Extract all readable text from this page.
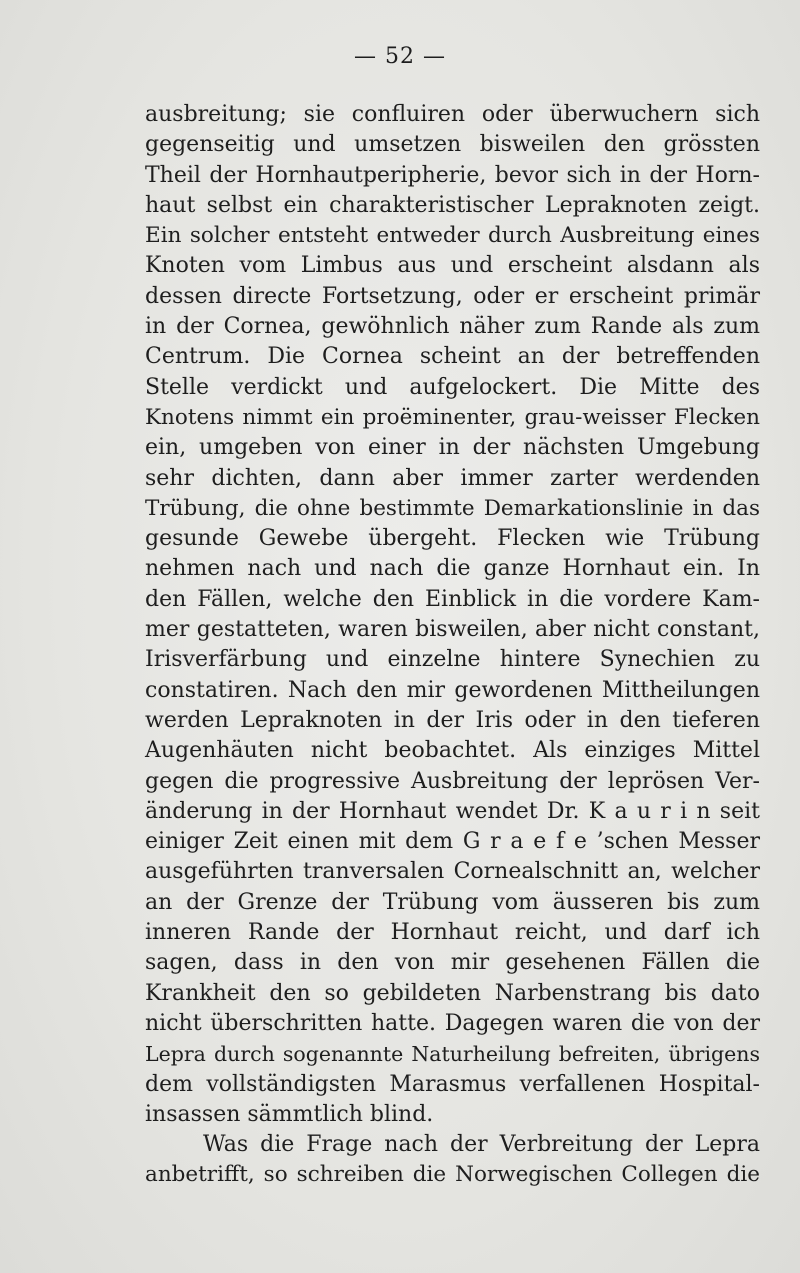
— 52 —
ausbreitung; sie confluiren oder überwuchern sich
gegenseitig und umsetzen bisweilen den grössten
Theil der Hornhautperipherie, bevor sich in der Horn-
haut selbst ein charakteristischer Lepraknoten zeigt.
Ein solcher entsteht entweder durch Ausbreitung eines
Knoten vom Limbus aus und erscheint alsdann als
dessen directe Fortsetzung, oder er erscheint primär
in der Cornea, gewöhnlich näher zum Rande als zum
Centrum. Die Cornea scheint an der betreffenden
Stelle verdickt und aufgelockert. Die Mitte des
Knotens nimmt ein proëminenter, grau-weisser Flecken
ein, umgeben von einer in der nächsten Umgebung
sehr dichten, dann aber immer zarter werdenden
Trübung, die ohne bestimmte Demarkationslinie in das
gesunde Gewebe übergeht. Flecken wie Trübung
nehmen nach und nach die ganze Hornhaut ein. In
den Fällen, welche den Einblick in die vordere Kam-
mer gestatteten, waren bisweilen, aber nicht constant,
Irisverfärbung und einzelne hintere Synechien zu
constatiren. Nach den mir gewordenen Mittheilungen
werden Lepraknoten in der Iris oder in den tieferen
Augenhäuten nicht beobachtet. Als einziges Mittel
gegen die progressive Ausbreitung der leprösen Ver-
änderung in der Hornhaut wendet Dr. K a u r i n seit
einiger Zeit einen mit dem G r a e f e ’schen Messer
ausgeführten tranversalen Cornealschnitt an, welcher
an der Grenze der Trübung vom äusseren bis zum
inneren Rande der Hornhaut reicht, und darf ich
sagen, dass in den von mir gesehenen Fällen die
Krankheit den so gebildeten Narbenstrang bis dato
nicht überschritten hatte. Dagegen waren die von der
Lepra durch sogenannte Naturheilung befreiten, übrigens
dem vollständigsten Marasmus verfallenen Hospital-
insassen sämmtlich blind.
Was die Frage nach der Verbreitung der Lepra
anbetrifft, so schreiben die Norwegischen Collegen die
